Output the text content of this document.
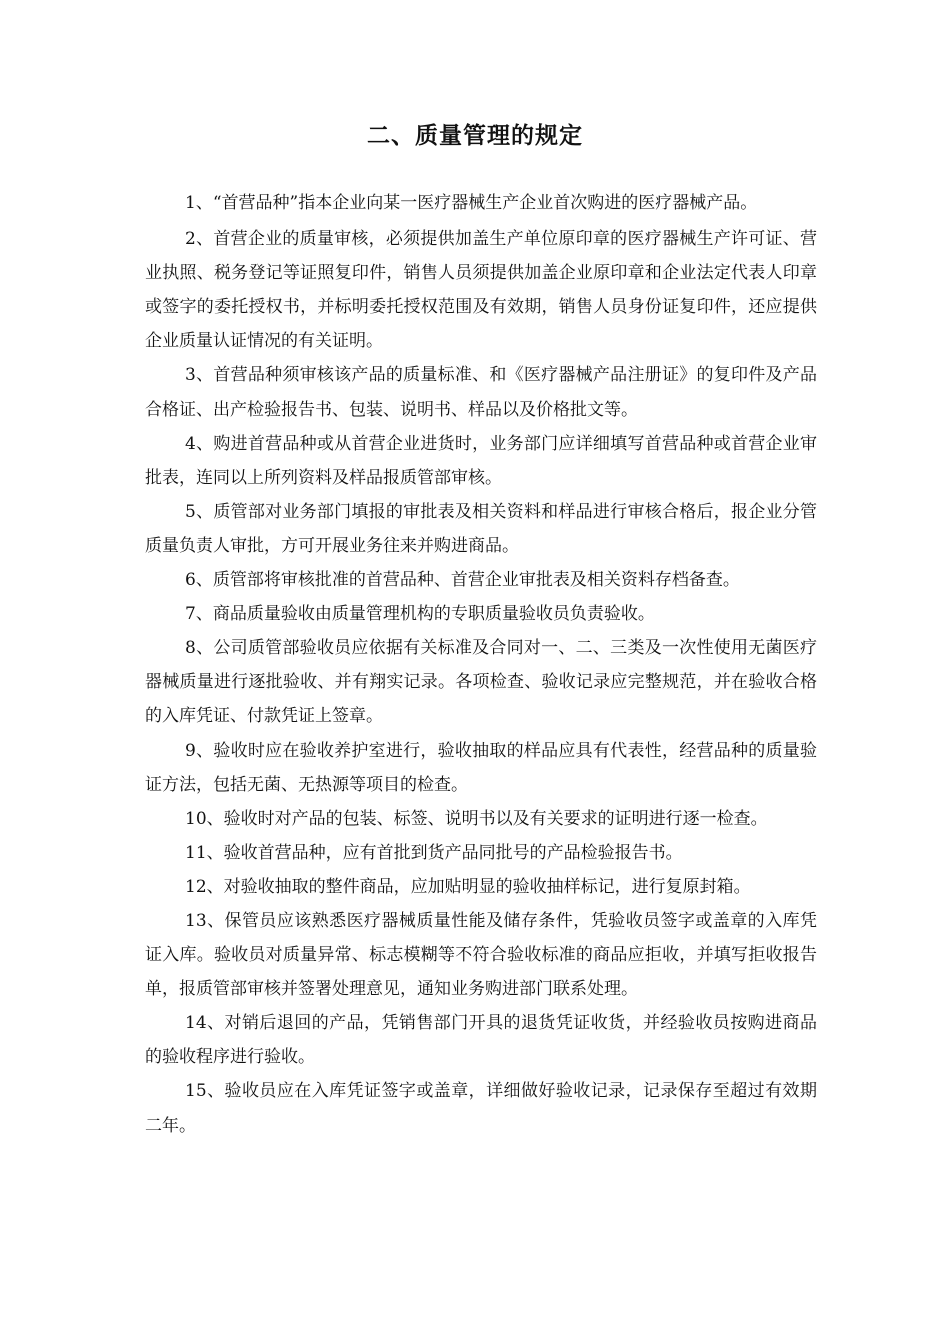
二、质量管理的规定

1、“首营品种”指本企业向某一医疗器械生产企业首次购进的医疗器械产品。

2、首营企业的质量审核，必须提供加盖生产单位原印章的医疗器械生产许可证、营业执照、税务登记等证照复印件，销售人员须提供加盖企业原印章和企业法定代表人印章或签字的委托授权书，并标明委托授权范围及有效期，销售人员身份证复印件，还应提供企业质量认证情况的有关证明。

3、首营品种须审核该产品的质量标准、和《医疗器械产品注册证》的复印件及产品合格证、出产检验报告书、包装、说明书、样品以及价格批文等。

4、购进首营品种或从首营企业进货时，业务部门应详细填写首营品种或首营企业审批表，连同以上所列资料及样品报质管部审核。

5、质管部对业务部门填报的审批表及相关资料和样品进行审核合格后，报企业分管质量负责人审批，方可开展业务往来并购进商品。

6、质管部将审核批准的首营品种、首营企业审批表及相关资料存档备查。

7、商品质量验收由质量管理机构的专职质量验收员负责验收。

8、公司质管部验收员应依据有关标准及合同对一、二、三类及一次性使用无菌医疗器械质量进行逐批验收、并有翔实记录。各项检查、验收记录应完整规范，并在验收合格的入库凭证、付款凭证上签章。

9、验收时应在验收养护室进行，验收抽取的样品应具有代表性，经营品种的质量验证方法，包括无菌、无热源等项目的检查。

10、验收时对产品的包装、标签、说明书以及有关要求的证明进行逐一检查。

11、验收首营品种，应有首批到货产品同批号的产品检验报告书。

12、对验收抽取的整件商品，应加贴明显的验收抽样标记，进行复原封箱。

13、保管员应该熟悉医疗器械质量性能及储存条件，凭验收员签字或盖章的入库凭证入库。验收员对质量异常、标志模糊等不符合验收标准的商品应拒收，并填写拒收报告单，报质管部审核并签署处理意见，通知业务购进部门联系处理。

14、对销后退回的产品，凭销售部门开具的退货凭证收货，并经验收员按购进商品的验收程序进行验收。

15、验收员应在入库凭证签字或盖章，详细做好验收记录，记录保存至超过有效期二年。
